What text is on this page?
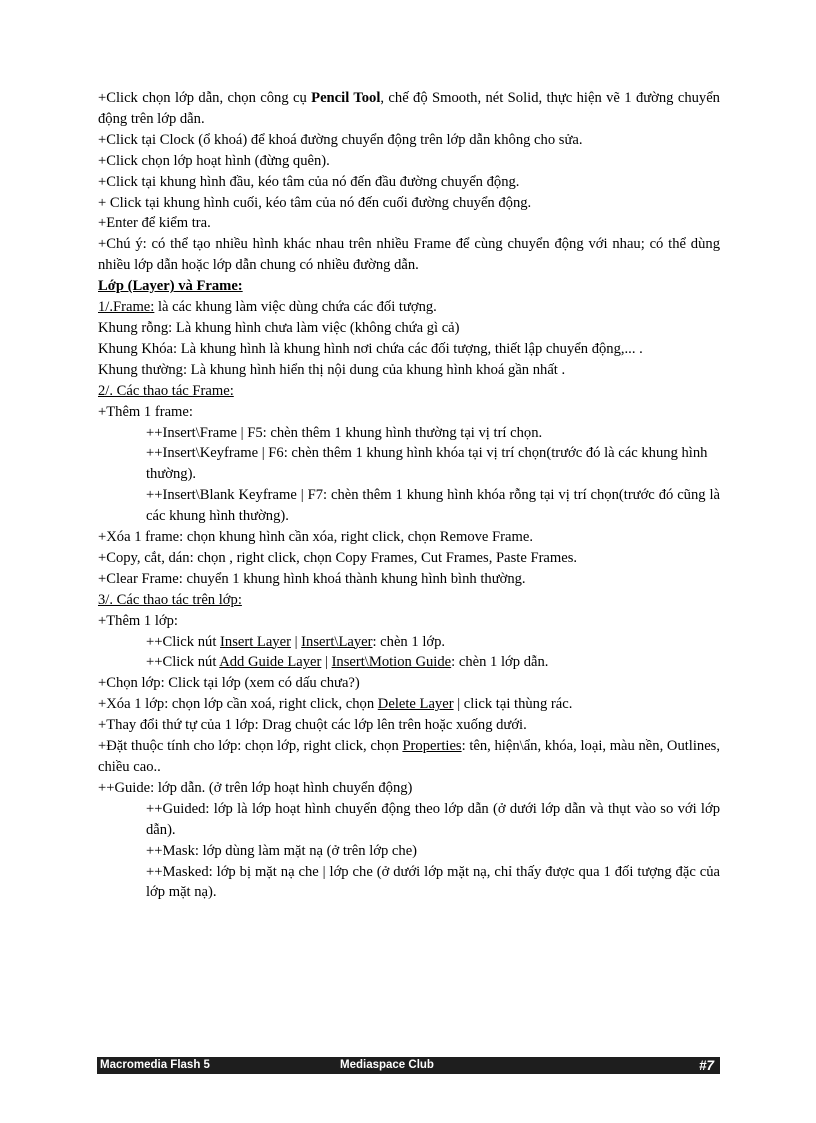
+Click chọn lớp dẫn, chọn công cụ Pencil Tool, chế độ Smooth, nét Solid, thực hiện vẽ 1 đường chuyển động trên lớp dẫn.

+Click tại Clock (ổ khoá) để khoá đường chuyển động trên lớp dẫn không cho sửa.

+Click chọn lớp hoạt hình (đừng quên).

+Click tại khung hình đầu, kéo tâm của nó đến đầu đường chuyển động.

+ Click tại khung hình cuối, kéo tâm của nó đến cuối đường chuyển động.

+Enter để kiểm tra.

+Chú ý: có thể tạo nhiều hình khác nhau trên nhiều Frame để cùng chuyển động với nhau; có thể dùng nhiều lớp dẫn hoặc lớp dẫn chung có nhiều đường dẫn.

Lớp (Layer) và Frame:

1/.Frame: là các khung làm việc dùng chứa các đối tượng.

Khung rỗng: Là khung hình chưa làm việc (không chứa gì cả)

Khung Khóa: Là khung hình là khung hình nơi chứa các đối tượng, thiết lập chuyển động,... .

Khung thường: Là khung hình hiển thị nội dung của khung hình khoá gần nhất .

2/. Các thao tác Frame:

+Thêm 1 frame:

++Insert\Frame | F5: chèn thêm 1 khung hình thường tại vị trí chọn.

++Insert\Keyframe | F6: chèn thêm 1 khung hình khóa tại vị trí chọn(trước đó là các khung hình thường).

++Insert\Blank Keyframe | F7: chèn thêm 1 khung hình khóa rỗng tại vị trí chọn(trước đó cũng là các khung hình thường).

+Xóa 1 frame: chọn khung hình cần xóa, right click, chọn Remove Frame.

+Copy, cắt, dán: chọn , right click, chọn Copy Frames, Cut Frames, Paste Frames.

+Clear Frame: chuyển 1 khung hình khoá thành khung hình bình thường.

3/. Các thao tác trên lớp:

+Thêm 1 lớp:

++Click nút Insert Layer | Insert\Layer: chèn 1 lớp.

++Click nút Add Guide Layer | Insert\Motion Guide: chèn 1 lớp dẫn.

+Chọn lớp: Click tại lớp (xem có dấu chưa?)

+Xóa 1 lớp: chọn lớp cần xoá, right click, chọn Delete Layer | click tại thùng rác.

+Thay đổi thứ tự của 1 lớp: Drag chuột các lớp lên trên hoặc xuống dưới.

+Đặt thuộc tính cho lớp: chọn lớp, right click, chọn Properties: tên, hiện\ẩn, khóa, loại, màu nền, Outlines, chiều cao..

++Guide: lớp dẫn. (ở trên lớp hoạt hình chuyển động)

++Guided: lớp là lớp hoạt hình chuyển động theo lớp dẫn (ở dưới lớp dẫn và thụt vào so với lớp dẫn).

++Mask: lớp dùng làm mặt nạ (ở trên lớp che)

++Masked: lớp bị mặt nạ che | lớp che (ở dưới lớp mặt nạ, chỉ thấy được qua 1 đối tượng đặc của lớp mặt nạ).

Macromedia Flash 5	Mediaspace Club	#7
